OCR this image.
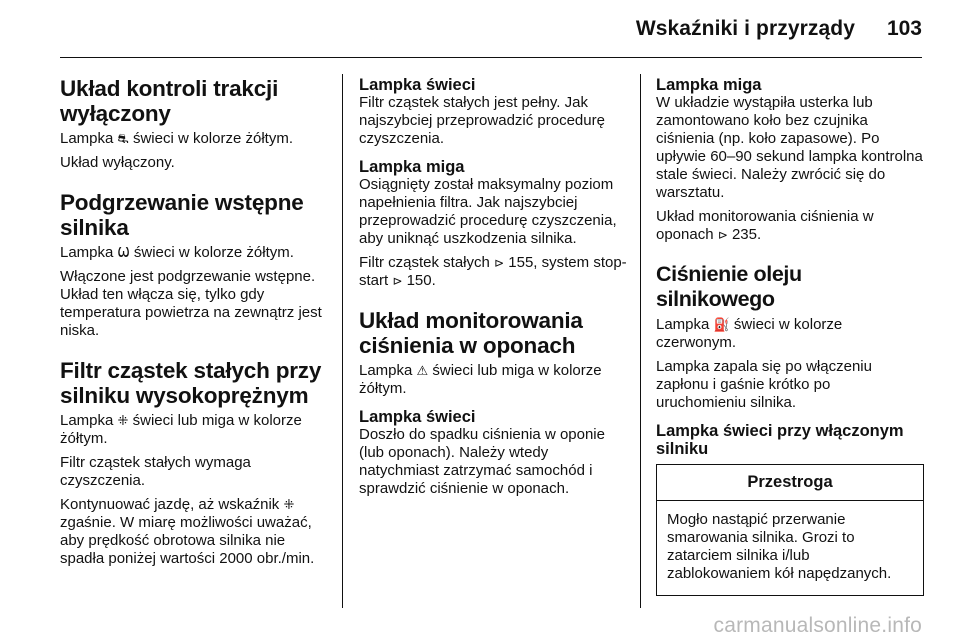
Wskaźniki i przyrządy 103
Układ kontroli trakcji wyłączony

Lampka ⛐ świeci w kolorze żółtym.

Układ wyłączony.

Podgrzewanie wstępne silnika

Lampka Ѡ świeci w kolorze żółtym.

Włączone jest podgrzewanie wstępne. Układ ten włącza się, tylko gdy temperatura powietrza na zewnątrz jest niska.

Filtr cząstek stałych przy silniku wysokoprężnym

Lampka ⁜ świeci lub miga w kolorze żółtym.

Filtr cząstek stałych wymaga czyszczenia.

Kontynuować jazdę, aż wskaźnik ⁜ zgaśnie. W miarę możliwości uważać, aby prędkość obrotowa silnika nie spadła poniżej wartości 2000 obr./min.

Lampka świeci

Filtr cząstek stałych jest pełny. Jak najszybciej przeprowadzić procedurę czyszczenia.

Lampka miga

Osiągnięty został maksymalny poziom napełnienia filtra. Jak najszybciej przeprowadzić procedurę czyszczenia, aby uniknąć uszkodzenia silnika.

Filtr cząstek stałych ⊳ 155, system stop-start ⊳ 150.

Układ monitorowania ciśnienia w oponach

Lampka ⚠ świeci lub miga w kolorze żółtym.

Lampka świeci

Doszło do spadku ciśnienia w oponie (lub oponach). Należy wtedy natychmiast zatrzymać samochód i sprawdzić ciśnienie w oponach.

Lampka miga

W układzie wystąpiła usterka lub zamontowano koło bez czujnika ciśnienia (np. koło zapasowe). Po upływie 60–90 sekund lampka kontrolna stale świeci. Należy zwrócić się do warsztatu.

Układ monitorowania ciśnienia w oponach ⊳ 235.

Ciśnienie oleju silnikowego

Lampka ⛽ świeci w kolorze czerwonym.

Lampka zapala się po włączeniu zapłonu i gaśnie krótko po uruchomieniu silnika.

Lampka świeci przy włączonym silniku
Przestroga

Mogło nastąpić przerwanie smarowania silnika. Grozi to zatarciem silnika i/lub zablokowaniem kół napędzanych.

carmanualsonline.info
